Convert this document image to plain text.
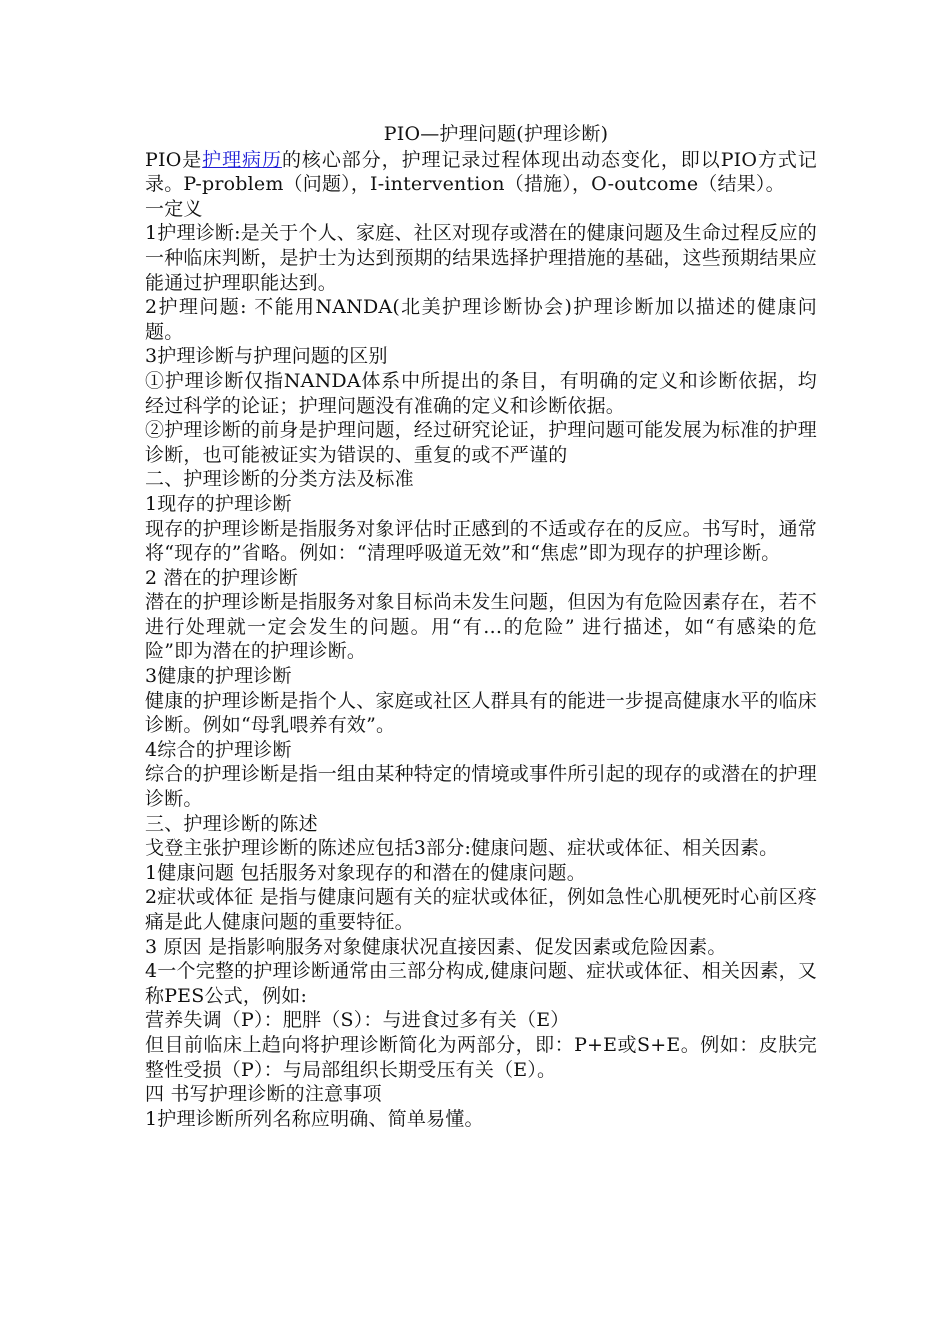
PIO—护理问题(护理诊断)

PIO是护理病历的核心部分，护理记录过程体现出动态变化，即以PIO方式记录。P-problem（问题），I-intervention（措施），O-outcome（结果）。

一定义

1护理诊断:是关于个人、家庭、社区对现存或潜在的健康问题及生命过程反应的一种临床判断，是护士为达到预期的结果选择护理措施的基础，这些预期结果应能通过护理职能达到。

2护理问题: 不能用NANDA(北美护理诊断协会)护理诊断加以描述的健康问题。

3护理诊断与护理问题的区别

①护理诊断仅指NANDA体系中所提出的条目，有明确的定义和诊断依据，均经过科学的论证；护理问题没有准确的定义和诊断依据。

②护理诊断的前身是护理问题，经过研究论证，护理问题可能发展为标准的护理诊断，也可能被证实为错误的、重复的或不严谨的

二、护理诊断的分类方法及标准

1现存的护理诊断

现存的护理诊断是指服务对象评估时正感到的不适或存在的反应。书写时，通常将“现存的”省略。例如：“清理呼吸道无效”和“焦虑”即为现存的护理诊断。

2 潜在的护理诊断

潜在的护理诊断是指服务对象目标尚未发生问题，但因为有危险因素存在，若不进行处理就一定会发生的问题。用“有…的危险” 进行描述，如“有感染的危险”即为潜在的护理诊断。

3健康的护理诊断

健康的护理诊断是指个人、家庭或社区人群具有的能进一步提高健康水平的临床诊断。例如“母乳喂养有效”。

4综合的护理诊断

综合的护理诊断是指一组由某种特定的情境或事件所引起的现存的或潜在的护理诊断。

三、护理诊断的陈述

戈登主张护理诊断的陈述应包括3部分:健康问题、症状或体征、相关因素。

1健康问题 包括服务对象现存的和潜在的健康问题。

2症状或体征 是指与健康问题有关的症状或体征，例如急性心肌梗死时心前区疼痛是此人健康问题的重要特征。

3 原因 是指影响服务对象健康状况直接因素、促发因素或危险因素。

4一个完整的护理诊断通常由三部分构成,健康问题、症状或体征、相关因素，又称PES公式，例如:

营养失调（P）：肥胖（S）：与进食过多有关（E）

但目前临床上趋向将护理诊断简化为两部分，即：P+E或S+E。例如：皮肤完整性受损（P）：与局部组织长期受压有关（E）。

四 书写护理诊断的注意事项

1护理诊断所列名称应明确、简单易懂。
